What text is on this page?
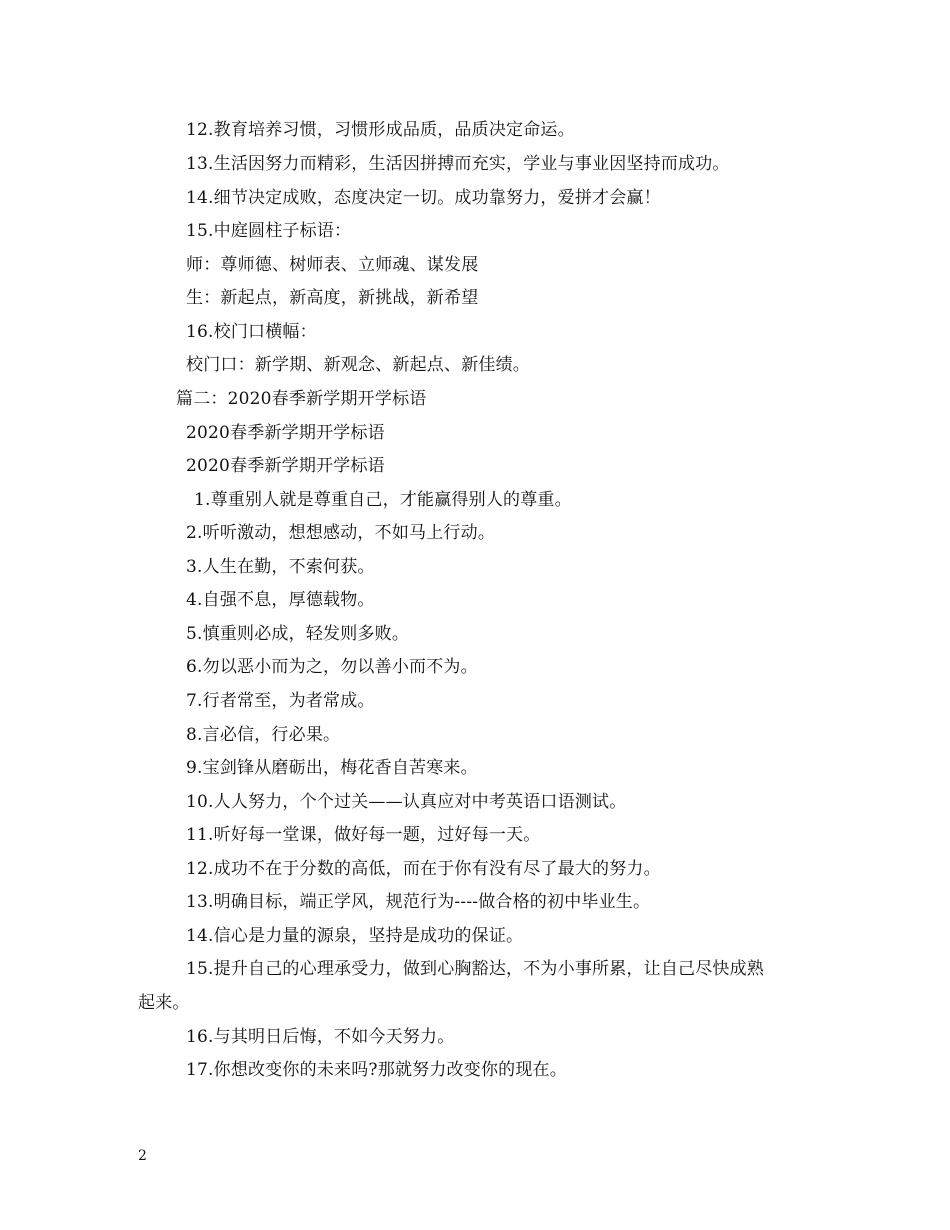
12.教育培养习惯，习惯形成品质，品质决定命运。
13.生活因努力而精彩，生活因拼搏而充实，学业与事业因坚持而成功。
14.细节决定成败，态度决定一切。成功靠努力，爱拼才会赢！
15.中庭圆柱子标语：
师：尊师德、树师表、立师魂、谋发展
生：新起点，新高度，新挑战，新希望
16.校门口横幅：
校门口：新学期、新观念、新起点、新佳绩。
篇二：2020春季新学期开学标语
2020春季新学期开学标语
2020春季新学期开学标语
1.尊重别人就是尊重自己，才能赢得别人的尊重。
2.听听激动，想想感动，不如马上行动。
3.人生在勤，不索何获。
4.自强不息，厚德载物。
5.慎重则必成，轻发则多败。
6.勿以恶小而为之，勿以善小而不为。
7.行者常至，为者常成。
8.言必信，行必果。
9.宝剑锋从磨砺出，梅花香自苦寒来。
10.人人努力，个个过关——认真应对中考英语口语测试。
11.听好每一堂课，做好每一题，过好每一天。
12.成功不在于分数的高低，而在于你有没有尽了最大的努力。
13.明确目标，端正学风，规范行为----做合格的初中毕业生。
14.信心是力量的源泉，坚持是成功的保证。
15.提升自己的心理承受力，做到心胸豁达，不为小事所累，让自己尽快成熟
起来。
16.与其明日后悔，不如今天努力。
17.你想改变你的未来吗?那就努力改变你的现在。
2
